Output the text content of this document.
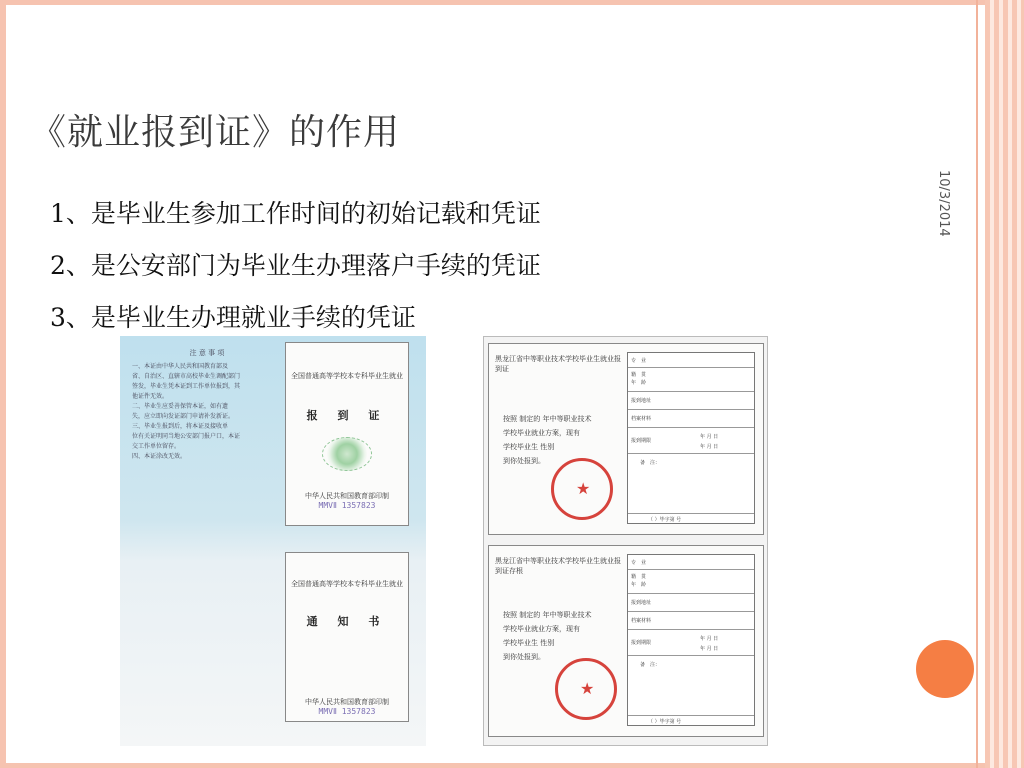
《就业报到证》的作用
10/3/2014
1、是毕业生参加工作时间的初始记载和凭证
2、是公安部门为毕业生办理落户手续的凭证
3、是毕业生办理就业手续的凭证
注 意 事 项
一、本证由中华人民共和国教育部及
省、自治区、直辖市高校毕业生调配部门
签发，毕业生凭本证到工作单位报到，其
他证件无效。
二、毕业生应妥善保管本证，如有遗
失，应立即向发证部门申请补发新证。
三、毕业生报到后，将本证及接收单
位有关证明同当地公安部门报户口，本证
交工作单位留存。
四、本证涂改无效。
全国普通高等学校本专科毕业生就业
报 到 证
中华人民共和国教育部印制
MMVⅡ 1357823
全国普通高等学校本专科毕业生就业
通 知 书
中华人民共和国教育部印制
MMVⅡ 1357823
黑龙江省中等职业技术学校毕业生就业报到证
按照 制定的 年中等职业技术
学校毕业就业方案，现有
学校毕业生 性别
到你处报到。
★
专　业
籍　贯
年　龄
报到地址
档案材料
报到期限
年 月 日
年 月 日
备　注：
（ ）毕字第 号
黑龙江省中等职业技术学校毕业生就业报到证存根
按照 制定的 年中等职业技术
学校毕业就业方案，现有
学校毕业生 性别
到你处报到。
★
专　业
籍　贯
年　龄
报到地址
档案材料
报到期限
年 月 日
年 月 日
备　注：
（ ）毕字第 号
